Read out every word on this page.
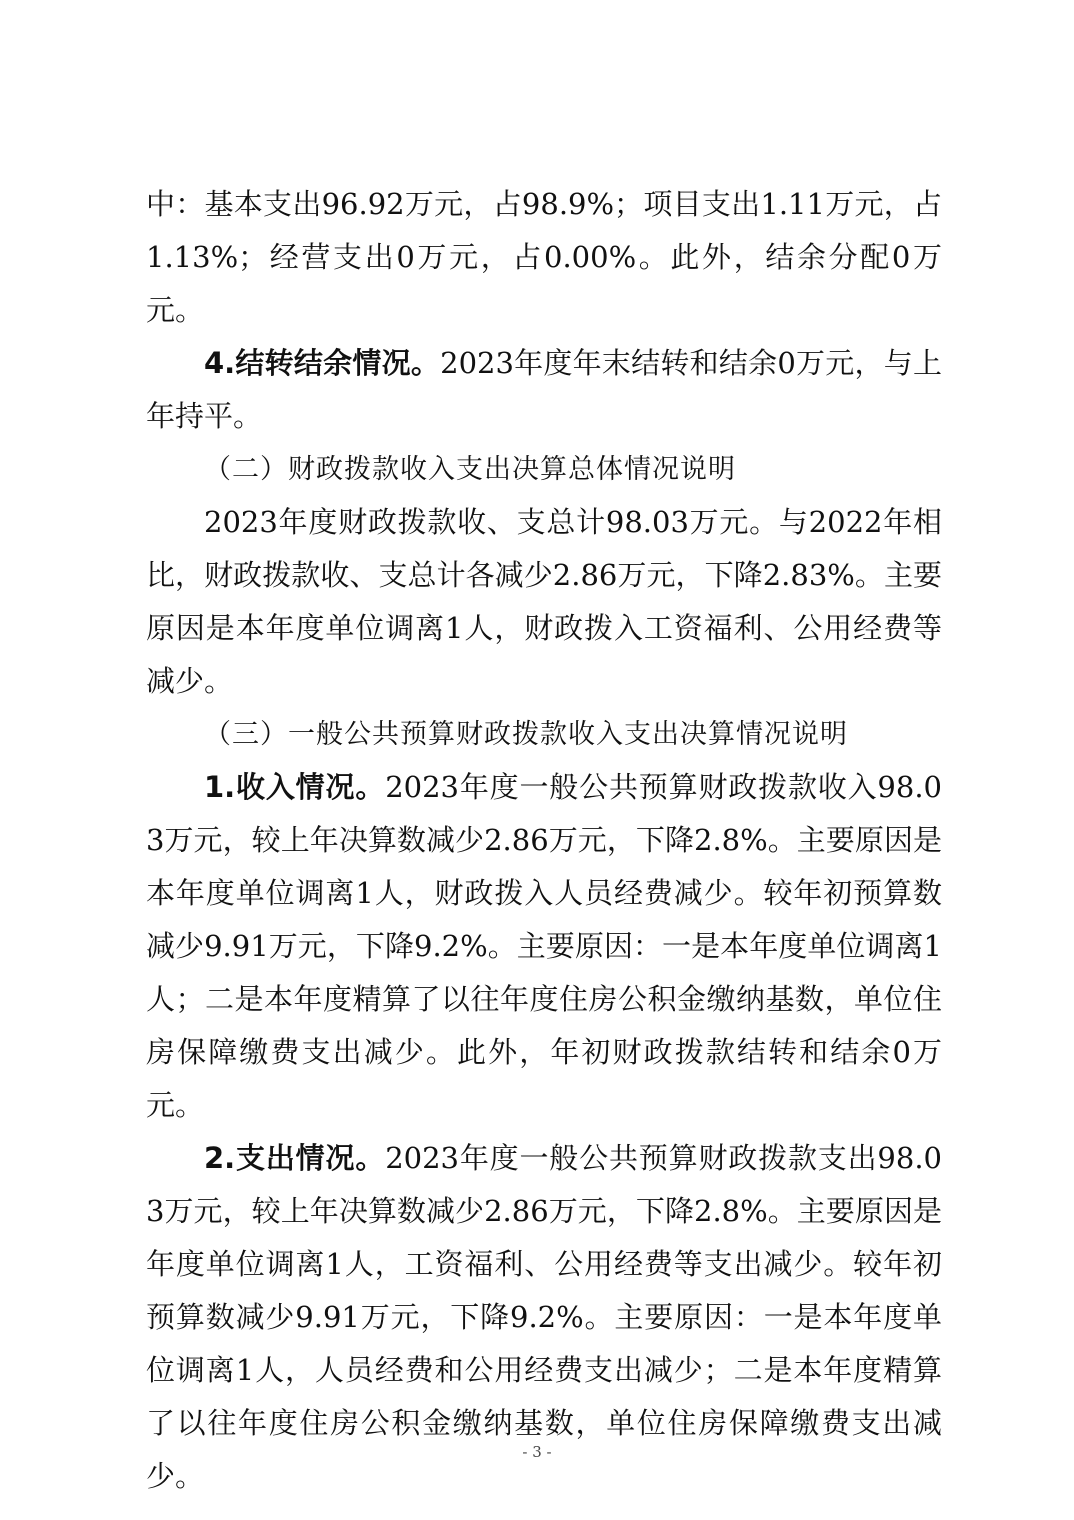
中：基本支出96.92万元，占98.9%；项目支出1.11万元，占1.13%；经营支出0万元，占0.00%。此外，结余分配0万元。

4.结转结余情况。2023年度年末结转和结余0万元，与上年持平。

（二）财政拨款收入支出决算总体情况说明

2023年度财政拨款收、支总计98.03万元。与2022年相比，财政拨款收、支总计各减少2.86万元，下降2.83%。主要原因是本年度单位调离1人，财政拨入工资福利、公用经费等减少。

（三）一般公共预算财政拨款收入支出决算情况说明

1.收入情况。2023年度一般公共预算财政拨款收入98.03万元，较上年决算数减少2.86万元，下降2.8%。主要原因是本年度单位调离1人，财政拨入人员经费减少。较年初预算数减少9.91万元，下降9.2%。主要原因：一是本年度单位调离1人；二是本年度精算了以往年度住房公积金缴纳基数，单位住房保障缴费支出减少。此外，年初财政拨款结转和结余0万元。

2.支出情况。2023年度一般公共预算财政拨款支出98.03万元，较上年决算数减少2.86万元，下降2.8%。主要原因是年度单位调离1人，工资福利、公用经费等支出减少。较年初预算数减少9.91万元，下降9.2%。主要原因：一是本年度单位调离1人，人员经费和公用经费支出减少；二是本年度精算了以往年度住房公积金缴纳基数，单位住房保障缴费支出减少。

- 3 -
